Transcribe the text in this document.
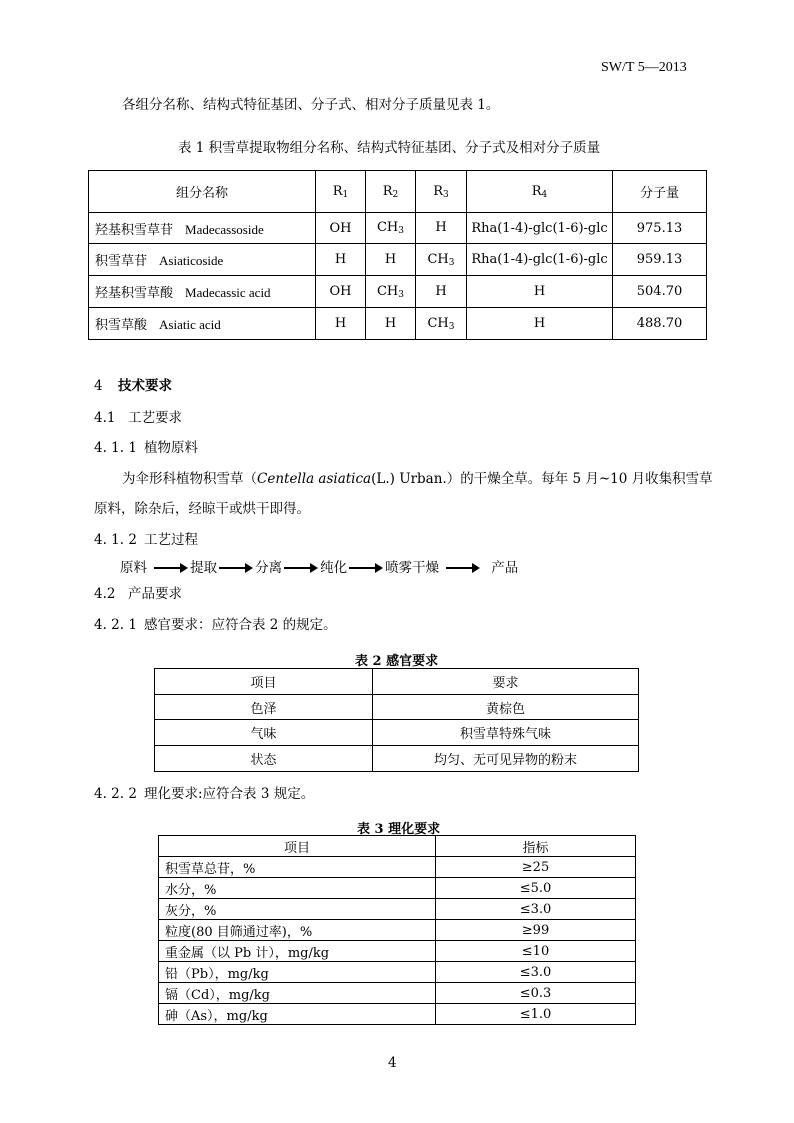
SW/T 5—2013
各组分名称、结构式特征基团、分子式、相对分子质量见表 1。
表 1 积雪草提取物组分名称、结构式特征基团、分子式及相对分子质量
组分名称	$R_1$	$R_2$	$R_3$	$R_4$	分子量
羟基积雪草苷 Madecassoside	OH	$CH_3$	H	Rha(1-4)-glc(1-6)-glc	975.13
积雪草苷 Asiaticoside	H	H	$CH_3$	Rha(1-4)-glc(1-6)-glc	959.13
羟基积雪草酸 Madecassic acid	OH	$CH_3$	H	H	504.70
积雪草酸 Asiatic acid	H	H	$CH_3$	H	488.70
4 技术要求
4.1 工艺要求
4. 1. 1 植物原料
为伞形科植物积雪草（Centella asiatica(L.) Urban.）的干燥全草。每年 5 月~10 月收集积雪草
原料，除杂后，经晾干或烘干即得。
4. 1. 2 工艺过程
原料	提取	分离	纯化	喷雾干燥	产品
4.2 产品要求
4. 2. 1 感官要求：应符合表 2 的规定。
表 2 感官要求
项目	要求
色泽	黄棕色
气味	积雪草特殊气味
状态	均匀、无可见异物的粉末
4. 2. 2 理化要求:应符合表 3 规定。
表 3 理化要求
项目	指标
积雪草总苷，%	≥25
水分，%	≤5.0
灰分，%	≤3.0
粒度(80 目筛通过率)，%	≥99
重金属（以 Pb 计），mg/kg	≤10
铅（Pb），mg/kg	≤3.0
镉（Cd），mg/kg	≤0.3
砷（As），mg/kg	≤1.0
4
